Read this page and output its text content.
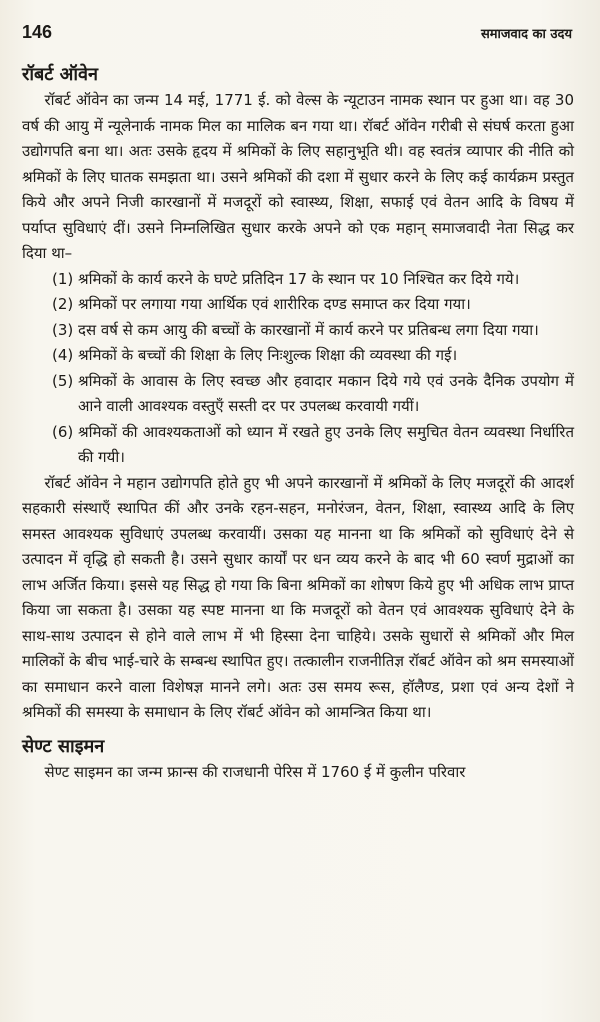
146	समाजवाद का उदय
रॉबर्ट ऑवेन

रॉबर्ट ऑवेन का जन्म 14 मई, 1771 ई. को वेल्स के न्यूटाउन नामक स्थान पर हुआ था। वह 30 वर्ष की आयु में न्यूलेनार्क नामक मिल का मालिक बन गया था। रॉबर्ट ऑवेन गरीबी से संघर्ष करता हुआ उद्योगपति बना था। अतः उसके हृदय में श्रमिकों के लिए सहानुभूति थी। वह स्वतंत्र व्यापार की नीति को श्रमिकों के लिए घातक समझता था। उसने श्रमिकों की दशा में सुधार करने के लिए कई कार्यक्रम प्रस्तुत किये और अपने निजी कारखानों में मजदूरों को स्वास्थ्य, शिक्षा, सफाई एवं वेतन आदि के विषय में पर्याप्त सुविधाएं दीं। उसने निम्नलिखित सुधार करके अपने को एक महान् समाजवादी नेता सिद्ध कर दिया था–

(1) श्रमिकों के कार्य करने के घण्टे प्रतिदिन 17 के स्थान पर 10 निश्चित कर दिये गये।
(2) श्रमिकों पर लगाया गया आर्थिक एवं शारीरिक दण्ड समाप्त कर दिया गया।
(3) दस वर्ष से कम आयु की बच्चों के कारखानों में कार्य करने पर प्रतिबन्ध लगा दिया गया।
(4) श्रमिकों के बच्चों की शिक्षा के लिए निःशुल्क शिक्षा की व्यवस्था की गई।
(5) श्रमिकों के आवास के लिए स्वच्छ और हवादार मकान दिये गये एवं उनके दैनिक उपयोग में आने वाली आवश्यक वस्तुएँ सस्ती दर पर उपलब्ध करवायी गयीं।
(6) श्रमिकों की आवश्यकताओं को ध्यान में रखते हुए उनके लिए समुचित वेतन व्यवस्था निर्धारित की गयी।

रॉबर्ट ऑवेन ने महान उद्योगपति होते हुए भी अपने कारखानों में श्रमिकों के लिए मजदूरों की आदर्श सहकारी संस्थाएँ स्थापित कीं और उनके रहन-सहन, मनोरंजन, वेतन, शिक्षा, स्वास्थ्य आदि के लिए समस्त आवश्यक सुविधाएं उपलब्ध करवायीं। उसका यह मानना था कि श्रमिकों को सुविधाएं देने से उत्पादन में वृद्धि हो सकती है। उसने सुधार कार्यों पर धन व्यय करने के बाद भी 60 स्वर्ण मुद्राओं का लाभ अर्जित किया। इससे यह सिद्ध हो गया कि बिना श्रमिकों का शोषण किये हुए भी अधिक लाभ प्राप्त किया जा सकता है। उसका यह स्पष्ट मानना था कि मजदूरों को वेतन एवं आवश्यक सुविधाएं देने के साथ-साथ उत्पादन से होने वाले लाभ में भी हिस्सा देना चाहिये। उसके सुधारों से श्रमिकों और मिल मालिकों के बीच भाई-चारे के सम्बन्ध स्थापित हुए। तत्कालीन राजनीतिज्ञ रॉबर्ट ऑवेन को श्रम समस्याओं का समाधान करने वाला विशेषज्ञ मानने लगे। अतः उस समय रूस, हॉलैण्ड, प्रशा एवं अन्य देशों ने श्रमिकों की समस्या के समाधान के लिए रॉबर्ट ऑवेन को आमन्त्रित किया था।

सेण्ट साइमन

सेण्ट साइमन का जन्म फ्रान्स की राजधानी पेरिस में 1760 ई में कुलीन परिवार
